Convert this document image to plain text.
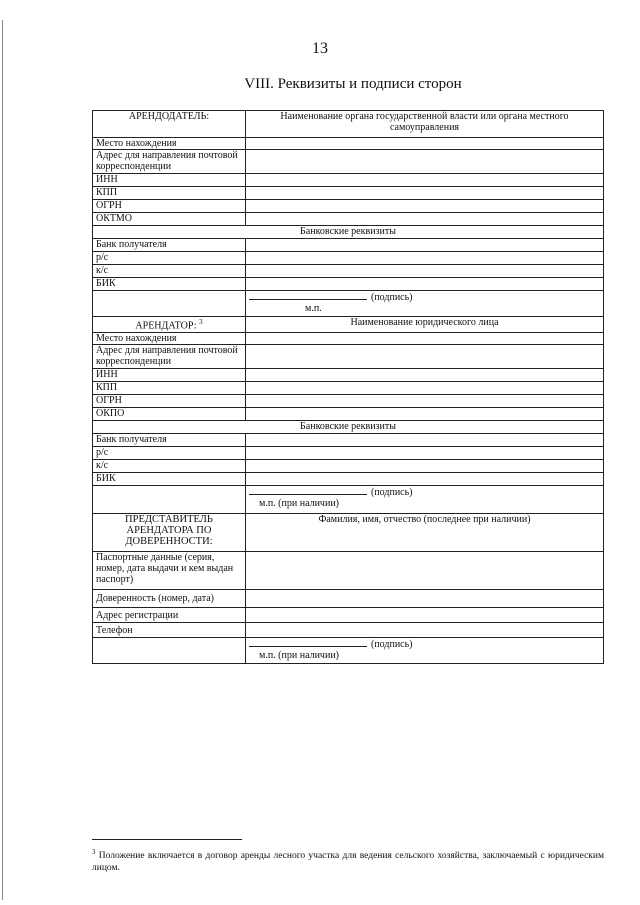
13
VIII. Реквизиты и подписи сторон
АРЕНДОДАТЕЛЬ:	Наименование органа государственной власти или органа местного самоуправления
Место нахождения	
Адрес для направления почтовой корреспонденции	
ИНН	
КПП	
ОГРН	
ОКТМО	
Банковские реквизиты	
Банк получателя	
р/с	
к/с	
БИК	
	(подпись)
м.п.

АРЕНДАТОР: $^3$	Наименование юридического лица
Место нахождения	
Адрес для направления почтовой корреспонденции	
ИНН	
КПП	
ОГРН	
ОКПО	
Банковские реквизиты	
Банк получателя	
р/с	
к/с	
БИК	
	(подпись)
м.п. (при наличии)

ПРЕДСТАВИТЕЛЬ АРЕНДАТОРА ПО ДОВЕРЕННОСТИ:	Фамилия, имя, отчество (последнее при наличии)
Паспортные данные (серия, номер, дата выдачи и кем выдан паспорт)	
Доверенность (номер, дата)	
Адрес регистрации	
Телефон	
	(подпись)
м.п. (при наличии)
$^3$ Положение включается в договор аренды лесного участка для ведения сельского хозяйства, заключаемый с юридическим лицом.
